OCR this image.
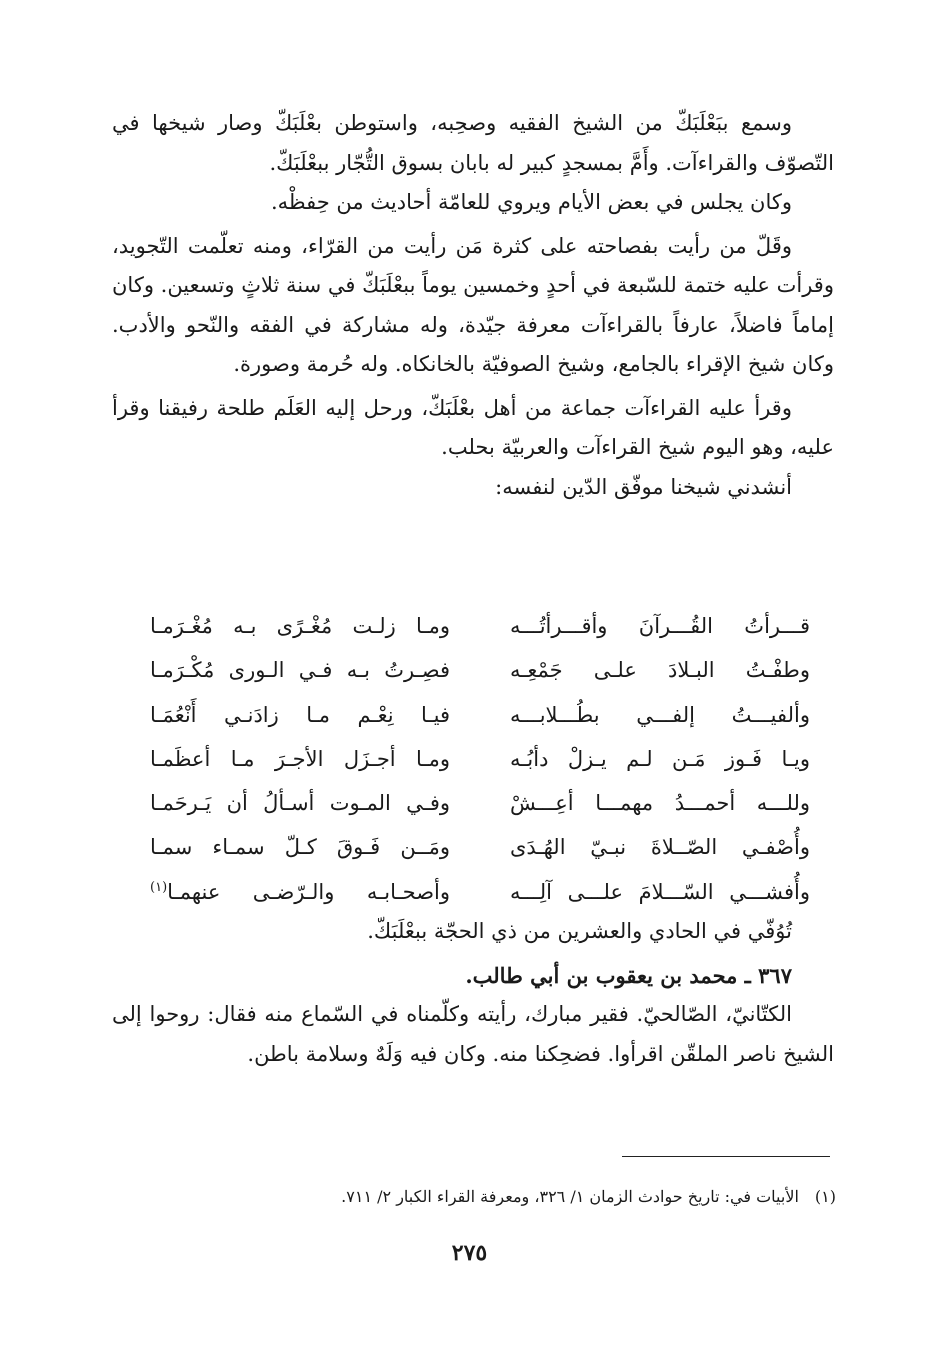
وسمع ببَعْلَبَكّ من الشيخ الفقيه وصحِبه، واستوطن بعْلَبَكّ وصار شيخها في التّصوّف والقراءآت. وأَمَّ بمسجدٍ كبير له بابان بسوق التُّجّار ببعْلَبَكّ.

وكان يجلس في بعض الأيام ويروي للعامّة أحاديث من حِفظْه.

وقَلّ من رأيت بفصاحته على كثرة مَن رأيت من القرّاء، ومنه تعلّمت التّجويد، وقرأت عليه ختمة للسّبعة في أحدٍ وخمسين يوماً ببعْلَبَكّ في سنة ثلاثٍ وتسعين. وكان إماماً فاضلاً، عارفاً بالقراءآت معرفة جيّدة، وله مشاركة في الفقه والنّحو والأدب. وكان شيخ الإقراء بالجامع، وشيخ الصوفيّة بالخانكاه. وله حُرمة وصورة.

وقرأ عليه القراءآت جماعة من أهل بعْلَبَكّ، ورحل إليه العَلَم طلحة رفيقنا وقرأ عليه، وهو اليوم شيخ القراءآت والعربيّة بحلب.

أنشدني شيخنا موفّق الدّين لنفسه:

قـــرأتُ القُـــرآنَ وأقـــرأتُـــه
ومـا زلـت مُغْـرًى بـه مُغْـرَمـا
وطفْـتُ البـلادَ علـى جَمْعِـه
فصِـرتُ بـه فـي الـورى مُكْـرَمـا
وألفيـــتُ إلفـــي بطُـــلابـــه
فيـا نِعْـم مـا زادَنـي أَنْعُمَـا
ويـا فَـوز مَـن لـم يـزلْ دأبُـه
ومـا أجـزَل الأجـرَ مـا أعظَمـا
وللـــه أحمـــدُ مهمـــا أعِـــشْ
وفـي المـوت أسـألُ أن يَـرحَمـا
وأُصْفـي الصّــلاةَ نبـيّ الهُـدَى
ومَــن فَـوقَ كـلّ سمـاء سمـا
وأُفشـــي السّـــلامَ علـــى آلِـــه
وأصحـابـه والـرّضـى عنهمـا$^{(١)}$

تُوُفّي في الحادي والعشرين من ذي الحجّة ببعْلَبَكّ.

٣٦٧ ـ محمد بن يعقوب بن أبي طالب.

الكتّانيّ، الصّالحيّ. فقير مبارك، رأيته وكلّمناه في السّماع منه فقال: روحوا إلى الشيخ ناصر الملقّن اقرأوا. فضحِكنا منه. وكان فيه وَلَهٌ وسلامة باطن.

(١)الأبيات في: تاريخ حوادث الزمان ١/ ٣٢٦، ومعرفة القراء الكبار ٢/ ٧١١.
٢٧٥
